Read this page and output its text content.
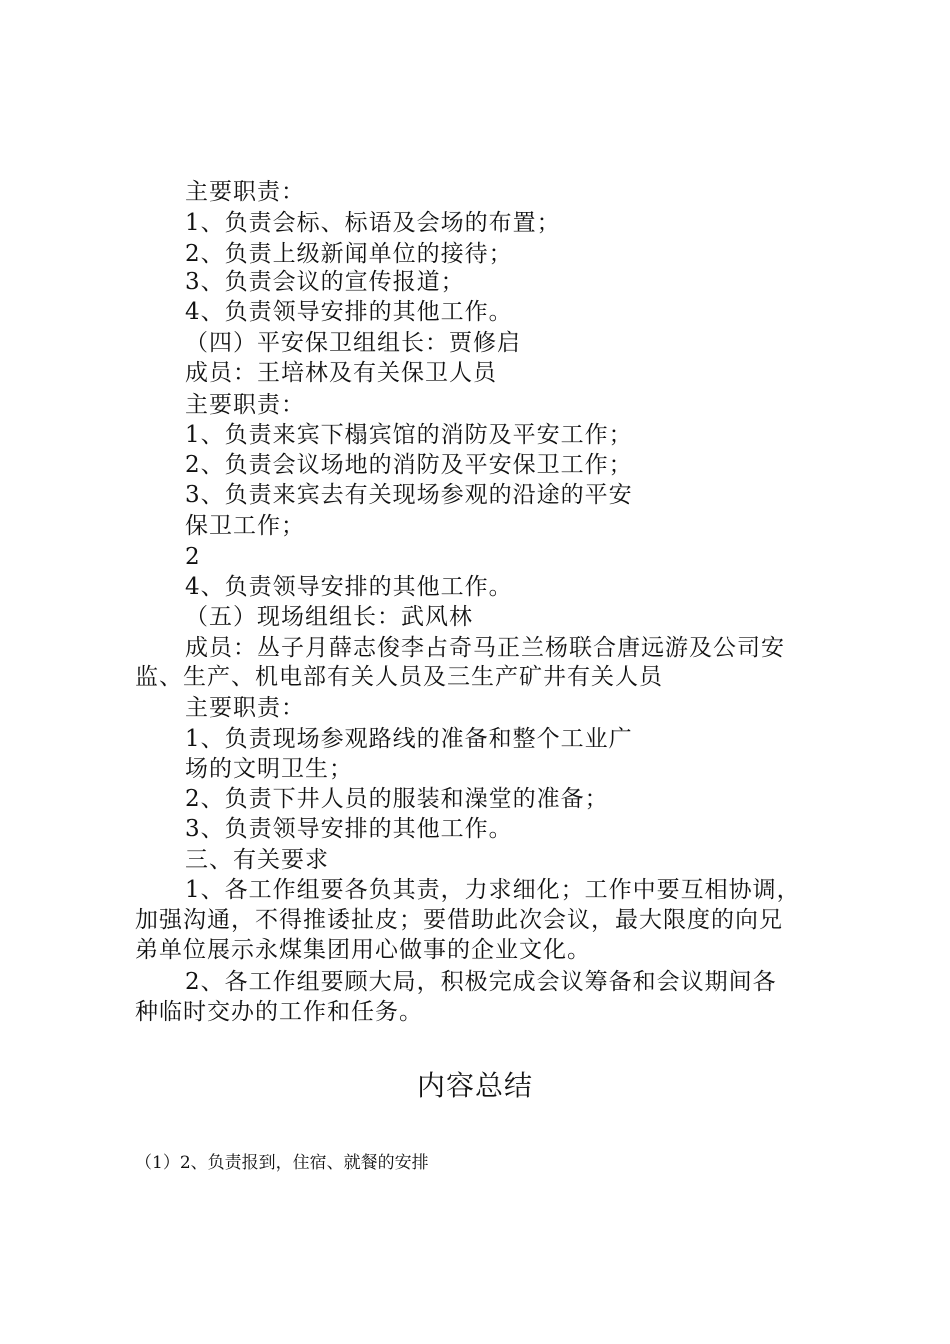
主要职责：
1、负责会标、标语及会场的布置；
2、负责上级新闻单位的接待；
3、负责会议的宣传报道；
4、负责领导安排的其他工作。
（四）平安保卫组组长：贾修启
成员：王培林及有关保卫人员
主要职责：
1、负责来宾下榻宾馆的消防及平安工作；
2、负责会议场地的消防及平安保卫工作；
3、负责来宾去有关现场参观的沿途的平安
保卫工作；
2
4、负责领导安排的其他工作。
（五）现场组组长：武风林
成员：丛子月薛志俊李占奇马正兰杨联合唐远游及公司安
监、生产、机电部有关人员及三生产矿井有关人员
主要职责：
1、负责现场参观路线的准备和整个工业广
场的文明卫生；
2、负责下井人员的服装和澡堂的准备；
3、负责领导安排的其他工作。
三、有关要求
1、各工作组要各负其责，力求细化；工作中要互相协调，
加强沟通，不得推诿扯皮；要借助此次会议，最大限度的向兄
弟单位展示永煤集团用心做事的企业文化。
2、各工作组要顾大局，积极完成会议筹备和会议期间各
种临时交办的工作和任务。
内容总结
（1）2、负责报到，住宿、就餐的安排
